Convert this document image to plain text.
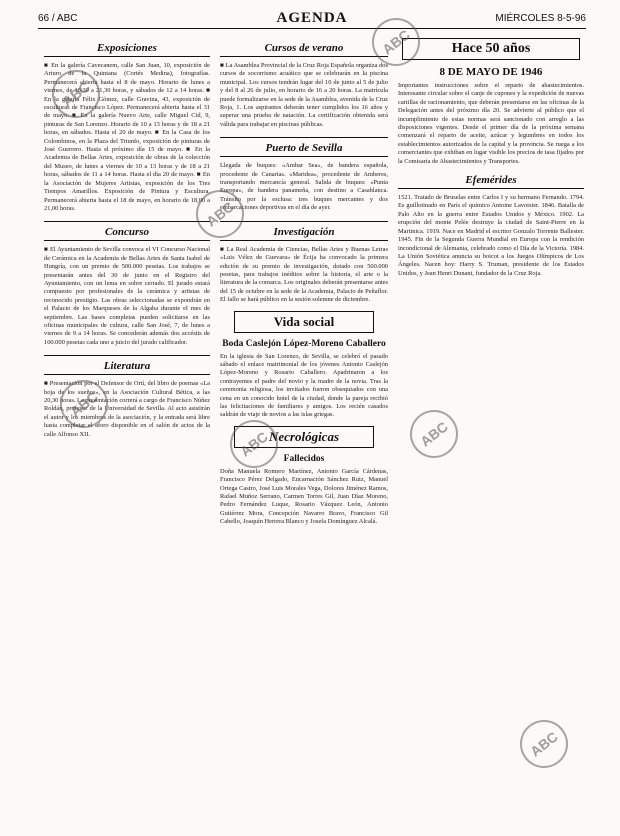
66 / ABC	AGENDA	MIÉRCOLES 8-5-96
Exposiciones
■ En la galería Cavecanem, calle San Juan, 10, exposición de Arturo de la Quintana (Cortés Medina), fotografías. Permanecerá abierta hasta el 8 de mayo. Horario de lunes a viernes, de 18,30 a 21,30 horas, y sábados de 12 a 14 horas. ■ En la galería Félix Gómez, calle Gravina, 43, exposición de esculturas de Francisco López. Permanecerá abierta hasta el 31 de mayo. ■ En la galería Nuevo Arte, calle Miguel Cid, 9, pinturas de San Lorenzo. Horario de 10 a 13 horas y de 18 a 21 horas, en sábados. Hasta el 20 de mayo. ■ En la Casa de los Colombinos, en la Plaza del Triunfo, exposición de pinturas de José Guerrero. Hasta el próximo día 15 de mayo. ■ En la Academia de Bellas Artes, exposición de obras de la colección del Museo, de lunes a viernes de 10 a 13 horas y de 18 a 21 horas, sábados de 11 a 14 horas. Hasta el día 20 de mayo. ■ En la Asociación de Mujeres Artistas, exposición de los Tres Tiempos Amarillos. Exposición de Pintura y Escultura. Permanecerá abierta hasta el 18 de mayo, en horario de 18,00 a 21,00 horas.
Concurso
■ El Ayuntamiento de Sevilla convoca el VI Concurso Nacional de Cerámica en la Academia de Bellas Artes de Santa Isabel de Hungría, con un premio de 500.000 pesetas. Los trabajos se presentarán antes del 30 de junio en el Registro del Ayuntamiento, con un lema en sobre cerrado. El jurado estará compuesto por profesionales de la cerámica y artistas de reconocido prestigio. Las obras seleccionadas se expondrán en el Palacio de los Marqueses de la Algaba durante el mes de septiembre. Las bases completas pueden solicitarse en las oficinas municipales de cultura, calle San José, 7, de lunes a viernes de 9 a 14 horas. Se concederán además dos accésits de 100.000 pesetas cada uno a juicio del jurado calificador.
Literatura
■ Presentación por el Defensor de Ortí, del libro de poemas «La hoja de los sueños», en la Asociación Cultural Bética, a las 20,30 horas. La presentación correrá a cargo de Francisco Núñez Roldán, profesor de la Universidad de Sevilla. Al acto asistirán el autor y los miembros de la asociación, y la entrada será libre hasta completar el aforo disponible en el salón de actos de la calle Alfonso XII.
Cursos de verano
■ La Asamblea Provincial de la Cruz Roja Española organiza dos cursos de socorrismo acuático que se celebrarán en la piscina municipal. Los cursos tendrán lugar del 10 de junio al 5 de julio y del 8 al 26 de julio, en horario de 16 a 20 horas. La matrícula puede formalizarse en la sede de la Asamblea, avenida de la Cruz Roja, 1. Los aspirantes deberán tener cumplidos los 16 años y superar una prueba de natación. La certificación obtenida será válida para trabajar en piscinas públicas.
Puerto de Sevilla
Llegada de buques: «Ambar Sea», de bandera española, procedente de Canarias. «Maridea», procedente de Amberes, transportando mercancía general. Salida de buques: «Punta Europa», de bandera panameña, con destino a Casablanca. Tránsito por la esclusa: tres buques mercantes y dos embarcaciones deportivas en el día de ayer.
Investigación
■ La Real Academia de Ciencias, Bellas Artes y Buenas Letras «Luis Vélez de Guevara» de Écija ha convocado la primera edición de su premio de investigación, dotado con 500.000 pesetas, para trabajos inéditos sobre la historia, el arte o la literatura de la comarca. Los originales deberán presentarse antes del 15 de octubre en la sede de la Academia, Palacio de Peñaflor. El fallo se hará público en la sesión solemne de diciembre.
Vida social
Boda Caslejón López-Moreno Caballero
En la iglesia de San Lorenzo, de Sevilla, se celebró el pasado sábado el enlace matrimonial de los jóvenes Antonio Caslejón López-Moreno y Rosario Caballero. Apadrinaron a los contrayentes el padre del novio y la madre de la novia. Tras la ceremonia religiosa, los invitados fueron obsequiados con una cena en un conocido hotel de la ciudad, donde la pareja recibió las felicitaciones de familiares y amigos. Los recién casados saldrán de viaje de novios a las islas griegas.
Necrológicas
Fallecidos
Doña Manuela Romero Martínez, Antonio García Cárdenas, Francisco Pérez Delgado, Encarnación Sánchez Ruiz, Manuel Ortega Castro, José Luis Morales Vega, Dolores Jiménez Ramos, Rafael Muñoz Serrano, Carmen Torres Gil, Juan Díaz Moreno, Pedro Fernández Luque, Rosario Vázquez León, Antonio Gutiérrez Mora, Concepción Navarro Bravo, Francisco Gil Cabello, Joaquín Herrera Blanco y Josefa Domínguez Alcalá.
Hace 50 años
8 DE MAYO DE 1946
Importantes instrucciones sobre el reparto de abastecimientos. Interesante circular sobre el canje de cupones y la expedición de nuevas cartillas de racionamiento, que deberán presentarse en las oficinas de la Delegación antes del próximo día 20. Se advierte al público que el incumplimiento de estas normas será sancionado con arreglo a las disposiciones vigentes. Desde el primer día de la próxima semana comenzará el reparto de aceite, azúcar y legumbres en todos los establecimientos autorizados de la capital y la provincia. Se ruega a los comerciantes que exhiban en lugar visible los precios de tasa fijados por la Comisaría de Abastecimientos y Transportes.
Efemérides
1521. Tratado de Bruselas entre Carlos I y su hermano Fernando. 1794. Es guillotinado en París el químico Antoine Lavoisier. 1846. Batalla de Palo Alto en la guerra entre Estados Unidos y México. 1902. La erupción del monte Pelée destruye la ciudad de Saint-Pierre en la Martinica. 1919. Nace en Madrid el escritor Gonzalo Torrente Ballester. 1945. Fin de la Segunda Guerra Mundial en Europa con la rendición incondicional de Alemania, celebrado como el Día de la Victoria. 1984. La Unión Soviética anuncia su boicot a los Juegos Olímpicos de Los Ángeles. Nacen hoy: Harry S. Truman, presidente de los Estados Unidos, y Jean Henri Dunant, fundador de la Cruz Roja.
ABC
ABC
ABC
ABC
ABC	ABC
ABC
